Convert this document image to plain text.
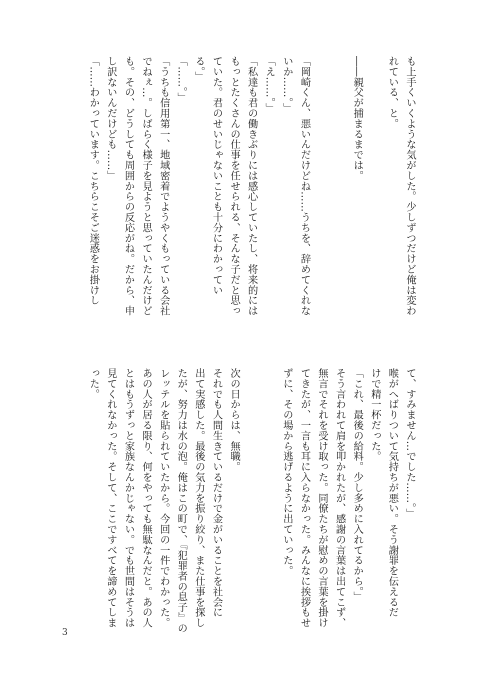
も上手くいくような気がした。少しずつだけど俺は変わ

れている、と。

――親父が捕まるまでは。

「岡崎くん、悪いんだけどね……うちを、辞めてくれな

いか……。」

「え……。」

「私達も君の働きぶりには感心していたし、将来的には

もっとたくさんの仕事を任せられる、そんな子だと思っ

ていた。君のせいじゃないことも十分にわかってい

る。」

「……。」

「うちも信用第一、地域密着でようやくもっている会社

でねぇ…。しばらく様子を見ようと思っていたんだけど

も。その、どうしても周囲からの反応がね。だから、申

し訳ないんだけども……」

「……わかっています。こちらこそご迷惑をお掛けし

て、すみません…でした……。」

喉がへばりついて気持ちが悪い。そう謝罪を伝えるだ

けで精一杯だった。

「これ、最後の給料。少し多めに入れてるから。」

そう言われて肩を叩かれたが、感謝の言葉は出てこず、

無言でそれを受け取った。同僚たちが慰めの言葉を掛け

てきたが、一言も耳に入らなかった。みんなに挨拶もせ

ずに、その場から逃げるように出ていった。

次の日からは、無職。

それでも人間生きているだけで金がいることを社会に

出て実感した。最後の気力を振り絞り、また仕事を探し

たが、努力は水の泡。俺はこの町で、『犯罪者の息子』の

レッテルを貼られていたから。今回の一件でわかった。

あの人が居る限り、何をやっても無駄なんだと。あの人

とはもうずっと家族なんかじゃない。でも世間はそうは

見てくれなかった。そして、ここですべてを諦めてしま

った。

3
